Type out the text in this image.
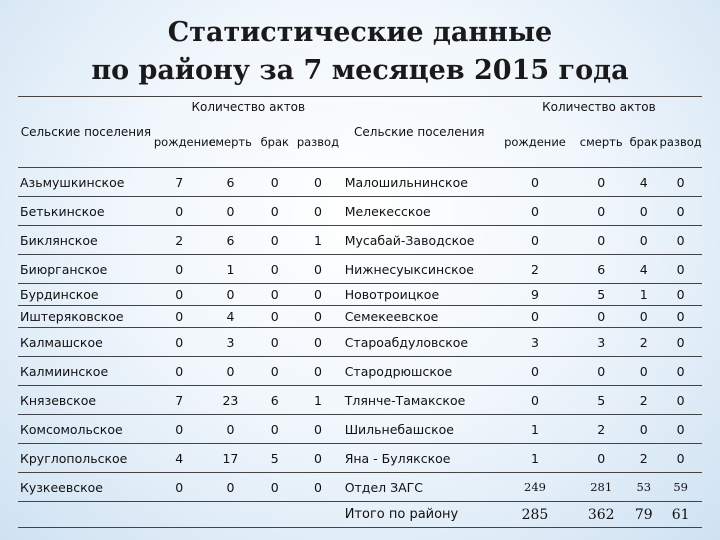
Статистические данные
по району за 7 месяцев 2015 года
Сельские поселения	Количество актов				Сельские поселения	Количество актов			
	рождение	смерть	брак	развод		рождение	смерть	брак	развод
Азьмушкинское	7	6	0	0	Малошильнинское	0	0	4	0
Бетькинское	0	0	0	0	Мелекесское	0	0	0	0
Биклянское	2	6	0	1	Мусабай-Заводское	0	0	0	0
Биюрганское	0	1	0	0	Нижнесуыксинское	2	6	4	0
Бурдинское	0	0	0	0	Новотроицкое	9	5	1	0
Иштеряковское	0	4	0	0	Семекеевское	0	0	0	0
Калмашское	0	3	0	0	Староабдуловское	3	3	2	0
Калмиинское	0	0	0	0	Стародрюшское	0	0	0	0
Князевское	7	23	6	1	Тлянче-Тамакское	0	5	2	0
Комсомольское	0	0	0	0	Шильнебашское	1	2	0	0
Круглопольское	4	17	5	0	Яна - Булякское	1	0	2	0
Кузкеевское	0	0	0	0	Отдел ЗАГС	249	281	53	59
					Итого по району	285	362	79	61
